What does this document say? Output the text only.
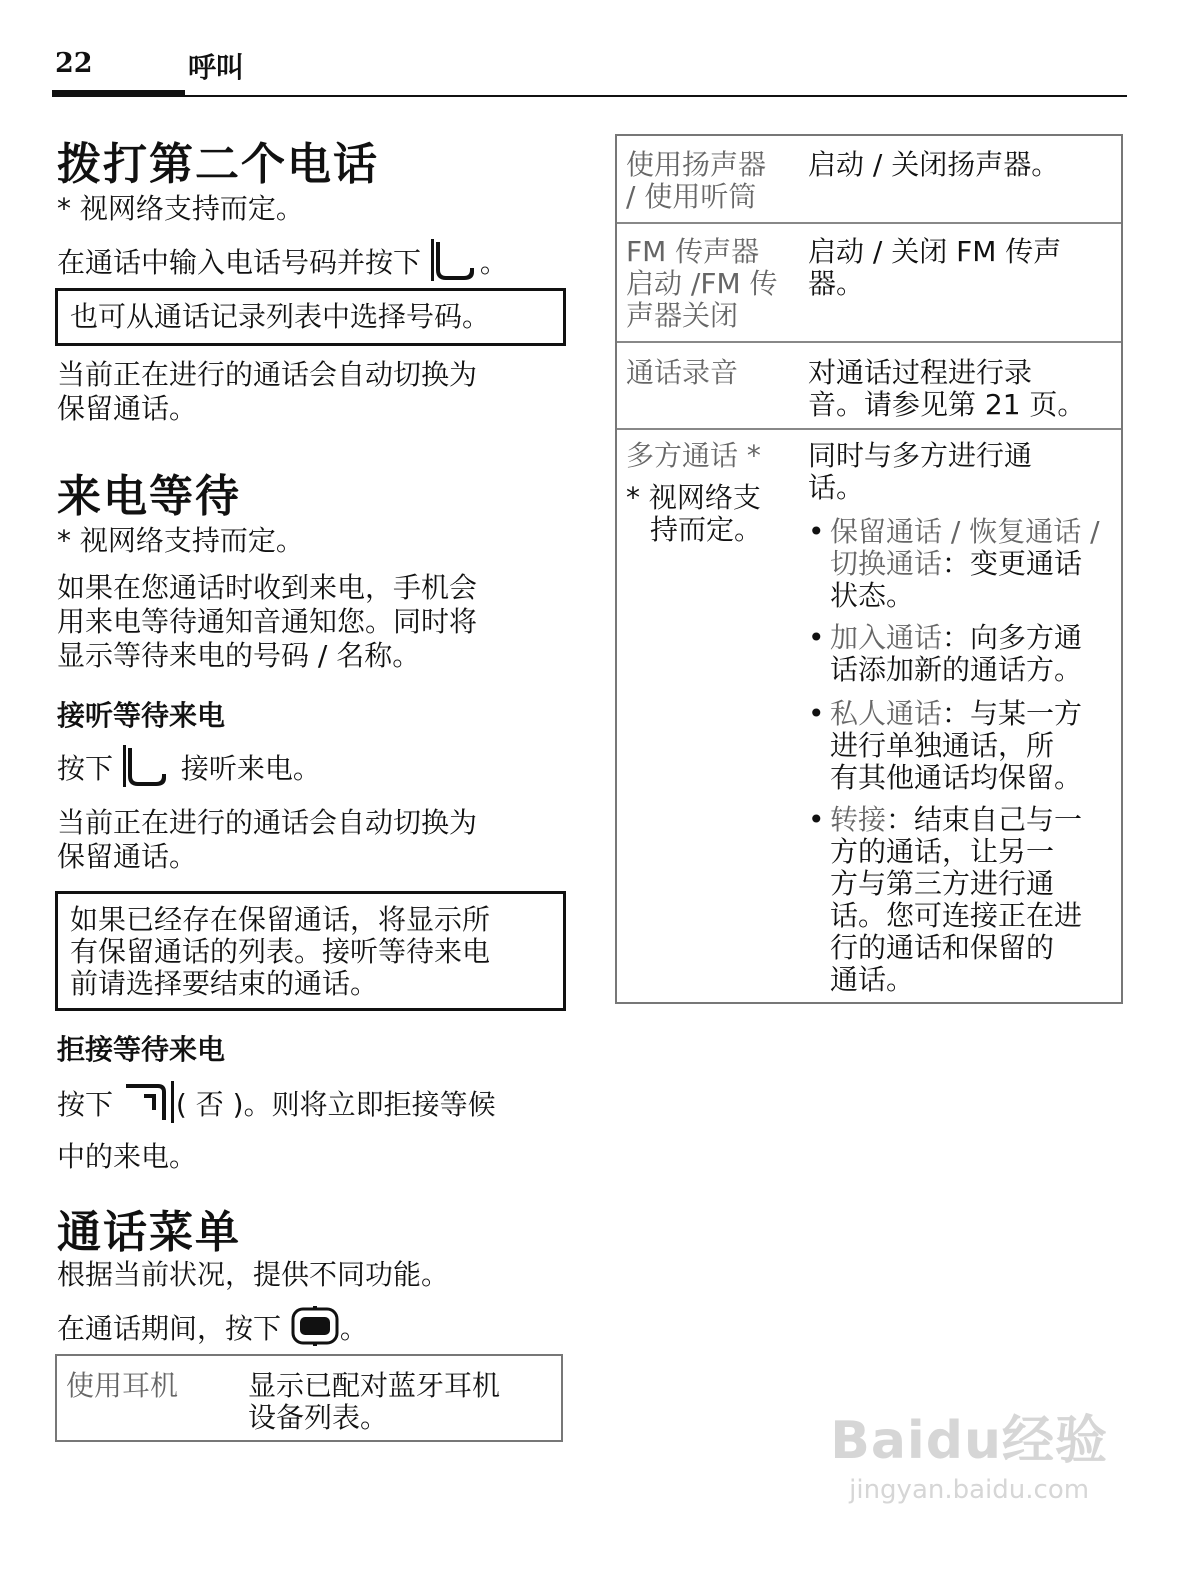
22	呼叫
拨打第二个电话
* 视网络支持而定。
在通话中输入电话号码并按下 。
也可从通话记录列表中选择号码。
当前正在进行的通话会自动切换为
保留通话。
来电等待
* 视网络支持而定。
如果在您通话时收到来电，手机会
用来电等待通知音通知您。同时将
显示等待来电的号码 / 名称。
接听等待来电
按下 接听来电。
当前正在进行的通话会自动切换为
保留通话。
如果已经存在保留通话，将显示所
有保留通话的列表。接听等待来电
前请选择要结束的通话。
拒接等待来电
按下 ( 否 )。则将立即拒接等候
中的来电。
通话菜单
根据当前状况，提供不同功能。
在通话期间，按下 。
使用耳机 显示已配对蓝牙耳机
设备列表。
使用扬声器
/ 使用听筒
启动 / 关闭扬声器。
FM 传声器
启动 /FM 传
声器关闭
启动 / 关闭 FM 传声
器。
通话录音 对通话过程进行录
音。请参见第 21 页。
多方通话 *
* 视网络支
持而定。
同时与多方进行通
话。
• 保留通话 / 恢复通话 /
切换通话：变更通话
状态。
• 加入通话：向多方通
话添加新的通话方。
• 私人通话：与某一方
进行单独通话，所
有其他通话均保留。
• 转接：结束自己与一
方的通话，让另一
方与第三方进行通
话。您可连接正在进
行的通话和保留的
通话。
Baidu经验
jingyan.baidu.com
